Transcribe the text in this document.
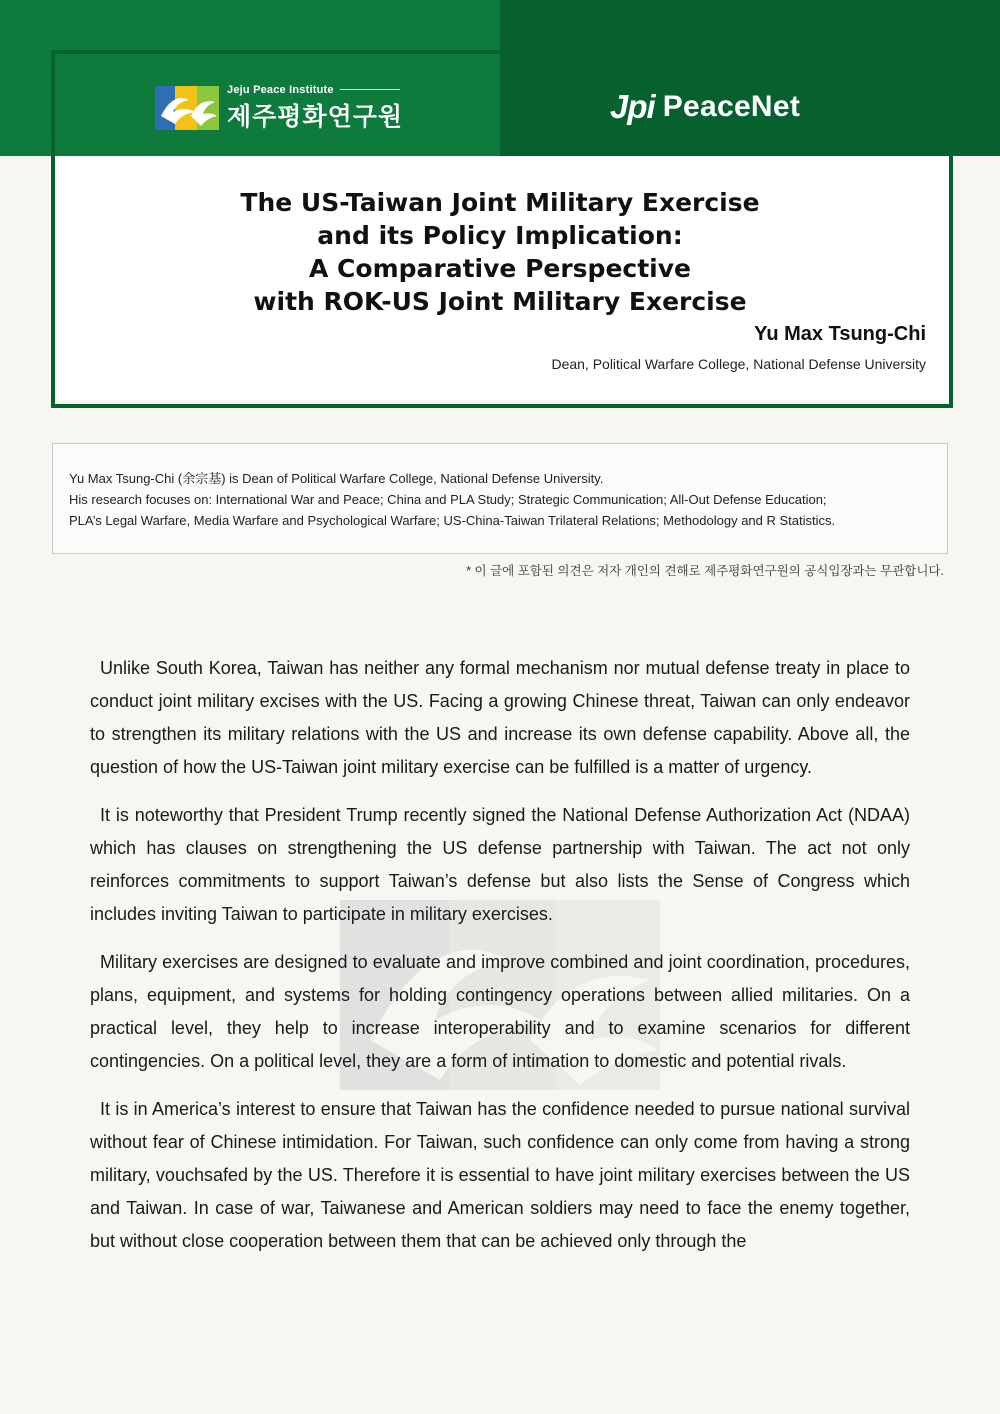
Jeju Peace Institute
제주평화연구원	Jpi PeaceNet
The US-Taiwan Joint Military Exercise
and its Policy Implication:
A Comparative Perspective
with ROK-US Joint Military Exercise
Yu Max Tsung-Chi
Dean, Political Warfare College, National Defense University
Yu Max Tsung-Chi (余宗基) is Dean of Political Warfare College, National Defense University.
His research focuses on: International War and Peace; China and PLA Study; Strategic Communication; All-Out Defense Education;
PLA’s Legal Warfare, Media Warfare and Psychological Warfare; US-China-Taiwan Trilateral Relations; Methodology and R Statistics.
* 이 글에 포함된 의견은 저자 개인의 견해로 제주평화연구원의 공식입장과는 무관합니다.

Unlike South Korea, Taiwan has neither any formal mechanism nor mutual defense treaty in place to conduct joint military excises with the US. Facing a growing Chinese threat, Taiwan can only endeavor to strengthen its military relations with the US and increase its own defense capability. Above all, the question of how the US-Taiwan joint military exercise can be fulfilled is a matter of urgency.

It is noteworthy that President Trump recently signed the National Defense Authorization Act (NDAA) which has clauses on strengthening the US defense partnership with Taiwan. The act not only reinforces commitments to support Taiwan’s defense but also lists the Sense of Congress which includes inviting Taiwan to participate in military exercises.

Military exercises are designed to evaluate and improve combined and joint coordination, procedures, plans, equipment, and systems for holding contingency operations between allied militaries. On a practical level, they help to increase interoperability and to examine scenarios for different contingencies. On a political level, they are a form of intimation to domestic and potential rivals.

It is in America’s interest to ensure that Taiwan has the confidence needed to pursue national survival without fear of Chinese intimidation. For Taiwan, such confidence can only come from having a strong military, vouchsafed by the US. Therefore it is essential to have joint military exercises between the US and Taiwan. In case of war, Taiwanese and American soldiers may need to face the enemy together, but without close cooperation between them that can be achieved only through the
